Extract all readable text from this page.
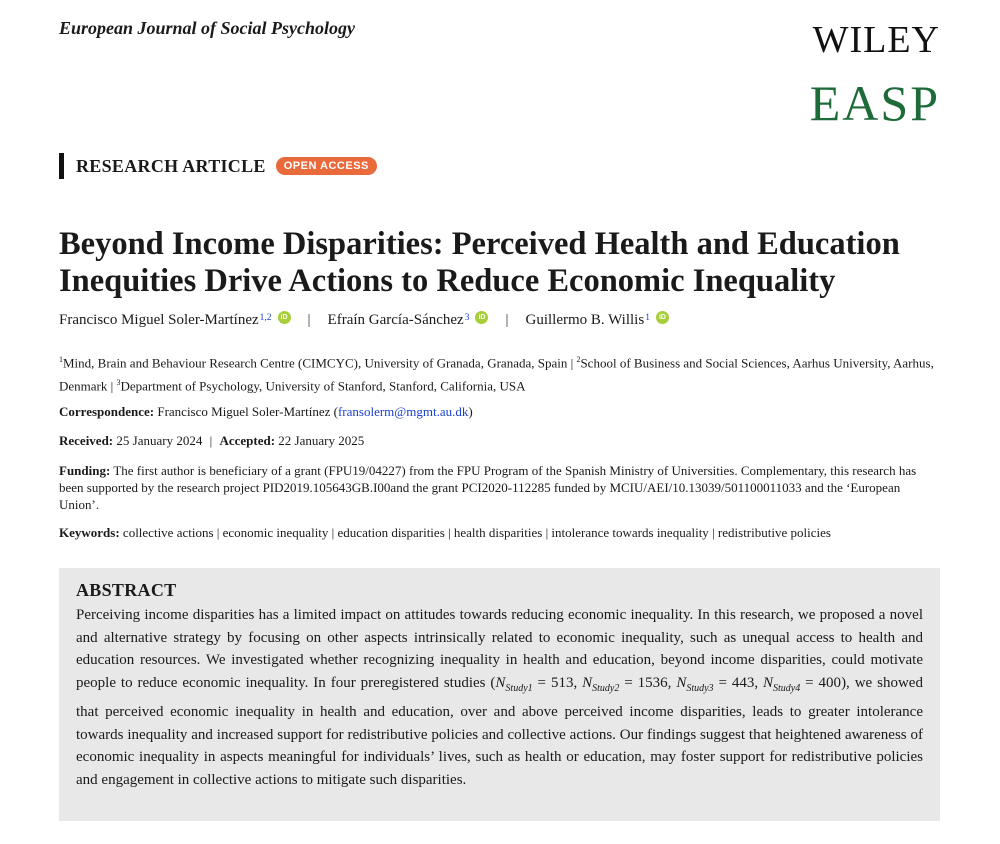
European Journal of Social Psychology	WILEY
EASP
RESEARCH ARTICLE	OPEN ACCESS
Beyond Income Disparities: Perceived Health and Education Inequities Drive Actions to Reduce Economic Inequality
Francisco Miguel Soler-Martínez$^{1,2}$	iD | Efraín García-Sánchez$^3$	iD | Guillermo B. Willis$^1$	iD
$^1$Mind, Brain and Behaviour Research Centre (CIMCYC), University of Granada, Granada, Spain | $^2$School of Business and Social Sciences, Aarhus University, Aarhus, Denmark | $^3$Department of Psychology, University of Stanford, Stanford, California, USA
Correspondence: Francisco Miguel Soler-Martínez (fransolerm@mgmt.au.dk)
Received: 25 January 2024 | Accepted: 22 January 2025
Funding: The first author is beneficiary of a grant (FPU19/04227) from the FPU Program of the Spanish Ministry of Universities. Complementary, this research has been supported by the research project PID2019.105643GB.I00and the grant PCI2020-112285 funded by MCIU/AEI/10.13039/501100011033 and the ‘European Union’.
Keywords: collective actions | economic inequality | education disparities | health disparities | intolerance towards inequality | redistributive policies
ABSTRACT

Perceiving income disparities has a limited impact on attitudes towards reducing economic inequality. In this research, we proposed a novel and alternative strategy by focusing on other aspects intrinsically related to economic inequality, such as unequal access to health and education resources. We investigated whether recognizing inequality in health and education, beyond income disparities, could motivate people to reduce economic inequality. In four preregistered studies ($N_{Study1} = 513$, $N_{Study2} = 1536$, $N_{Study3} = 443$, $N_{Study4} = 400$), we showed that perceived economic inequality in health and education, over and above perceived income disparities, leads to greater intolerance towards inequality and increased support for redistributive policies and collective actions. Our findings suggest that heightened awareness of economic inequality in aspects meaningful for individuals’ lives, such as health or education, may foster support for redistributive policies and engagement in collective actions to mitigate such disparities.
